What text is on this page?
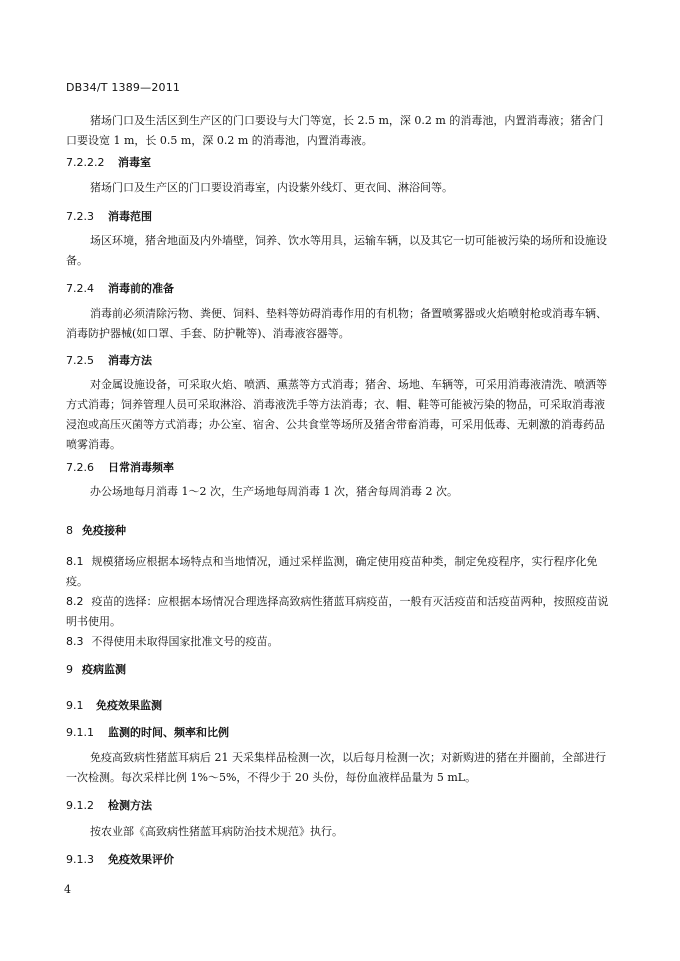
DB34/T 1389—2011
猪场门口及生活区到生产区的门口要设与大门等宽，长 2.5 m，深 0.2 m 的消毒池，内置消毒液；猪舍门口要设宽 1 m，长 0.5 m，深 0.2 m 的消毒池，内置消毒液。
7.2.2.2 消毒室
猪场门口及生产区的门口要设消毒室，内设紫外线灯、更衣间、淋浴间等。
7.2.3 消毒范围
场区环境，猪舍地面及内外墙壁，饲养、饮水等用具，运输车辆，以及其它一切可能被污染的场所和设施设备。
7.2.4 消毒前的准备
消毒前必须清除污物、粪便、饲料、垫料等妨碍消毒作用的有机物；备置喷雾器或火焰喷射枪或消毒车辆、消毒防护器械(如口罩、手套、防护靴等)、消毒液容器等。
7.2.5 消毒方法
对金属设施设备，可采取火焰、喷洒、熏蒸等方式消毒；猪舍、场地、车辆等，可采用消毒液清洗、喷洒等方式消毒；饲养管理人员可采取淋浴、消毒液洗手等方法消毒；衣、帽、鞋等可能被污染的物品，可采取消毒液浸泡或高压灭菌等方式消毒；办公室、宿舍、公共食堂等场所及猪舍带畜消毒，可采用低毒、无刺激的消毒药品喷雾消毒。
7.2.6 日常消毒频率
办公场地每月消毒 1～2 次，生产场地每周消毒 1 次，猪舍每周消毒 2 次。
8 免疫接种
8.1 规模猪场应根据本场特点和当地情况，通过采样监测，确定使用疫苗种类，制定免疫程序，实行程序化免疫。
8.2 疫苗的选择：应根据本场情况合理选择高致病性猪蓝耳病疫苗，一般有灭活疫苗和活疫苗两种，按照疫苗说明书使用。
8.3 不得使用未取得国家批准文号的疫苗。
9 疫病监测
9.1 免疫效果监测
9.1.1 监测的时间、频率和比例
免疫高致病性猪蓝耳病后 21 天采集样品检测一次，以后每月检测一次；对新购进的猪在并圈前，全部进行一次检测。每次采样比例 1%～5%，不得少于 20 头份，每份血液样品量为 5 mL。
9.1.2 检测方法
按农业部《高致病性猪蓝耳病防治技术规范》执行。
9.1.3 免疫效果评价
4
